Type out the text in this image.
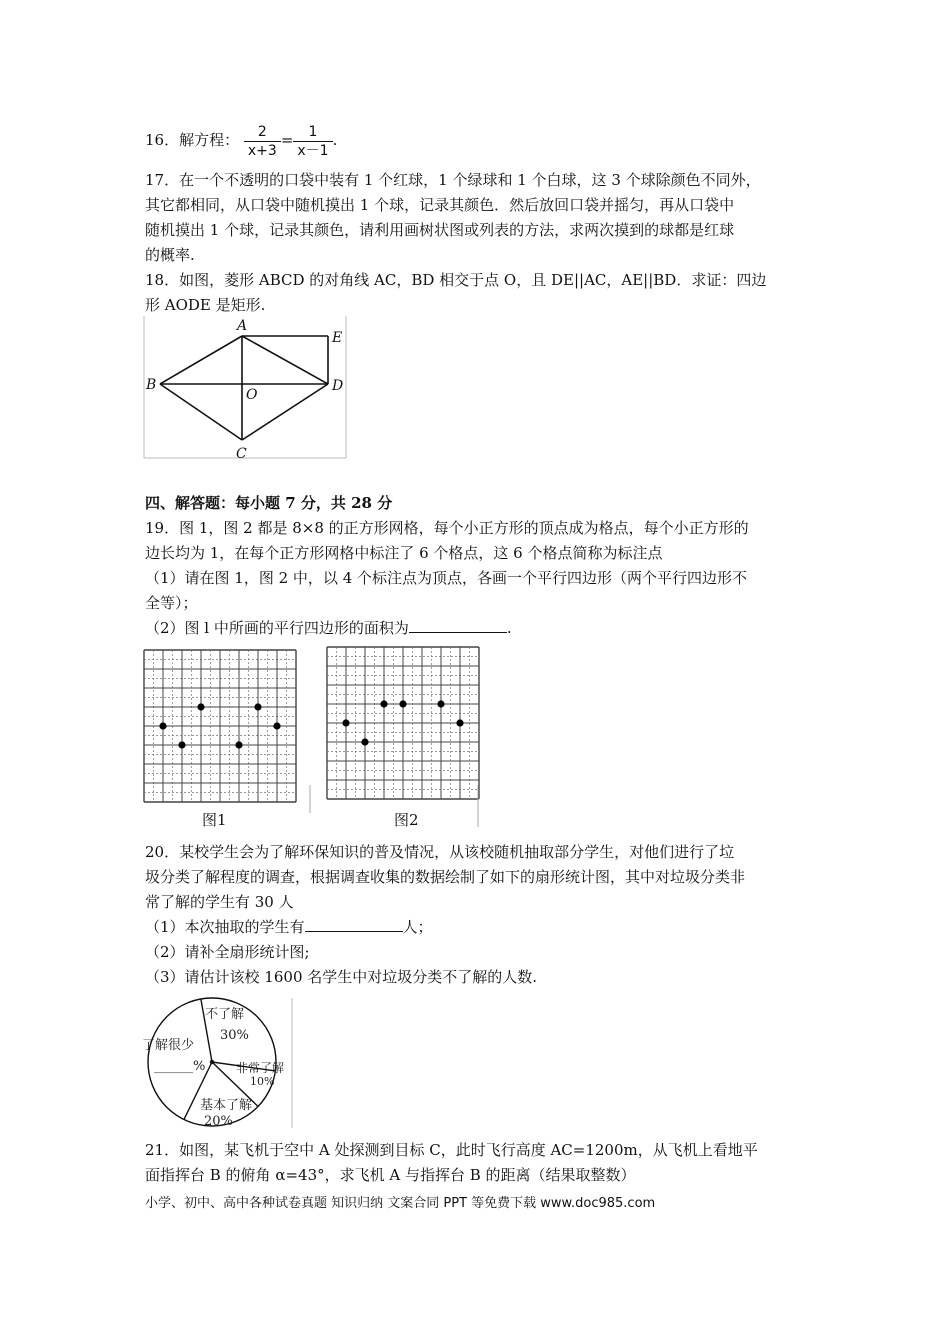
16．解方程： $\frac{2}{x+3} = \frac{1}{x-1}$ .
17．在一个不透明的口袋中装有 1 个红球，1 个绿球和 1 个白球，这 3 个球除颜色不同外，
其它都相同，从口袋中随机摸出 1 个球，记录其颜色．然后放回口袋并摇匀，再从口袋中
随机摸出 1 个球，记录其颜色，请利用画树状图或列表的方法，求两次摸到的球都是红球
的概率.
18．如图，菱形 ABCD 的对角线 AC，BD 相交于点 O，且 DE||AC，AE||BD．求证：四边
形 AODE 是矩形.
A
B
C
D
E
O
四、解答题：每小题 7 分，共 28 分
19．图 1，图 2 都是 8×8 的正方形网格，每个小正方形的顶点成为格点，每个小正方形的
边长均为 1，在每个正方形网格中标注了 6 个格点，这 6 个格点简称为标注点
（1）请在图 1，图 2 中，以 4 个标注点为顶点，各画一个平行四边形（两个平行四边形不
全等）；
（2）图 l 中所画的平行四边形的面积为	.
图1	图2
20．某校学生会为了解环保知识的普及情况，从该校随机抽取部分学生，对他们进行了垃
圾分类了解程度的调查，根据调查收集的数据绘制了如下的扇形统计图，其中对垃圾分类非
常了解的学生有 30 人
（1）本次抽取的学生有	人；
（2）请补全扇形统计图;
（3）请估计该校 1600 名学生中对垃圾分类不了解的人数.
不了解
30%
非常了解
10%
基本了解
20%
了解很少
______%
21．如图，某飞机于空中 A 处探测到目标 C，此时飞行高度 AC=1200m，从飞机上看地平
面指挥台 B 的俯角 α=43°，求飞机 A 与指挥台 B 的距离（结果取整数）
小学、初中、高中各种试卷真题 知识归纳 文案合同 PPT 等免费下载 www.doc985.com
